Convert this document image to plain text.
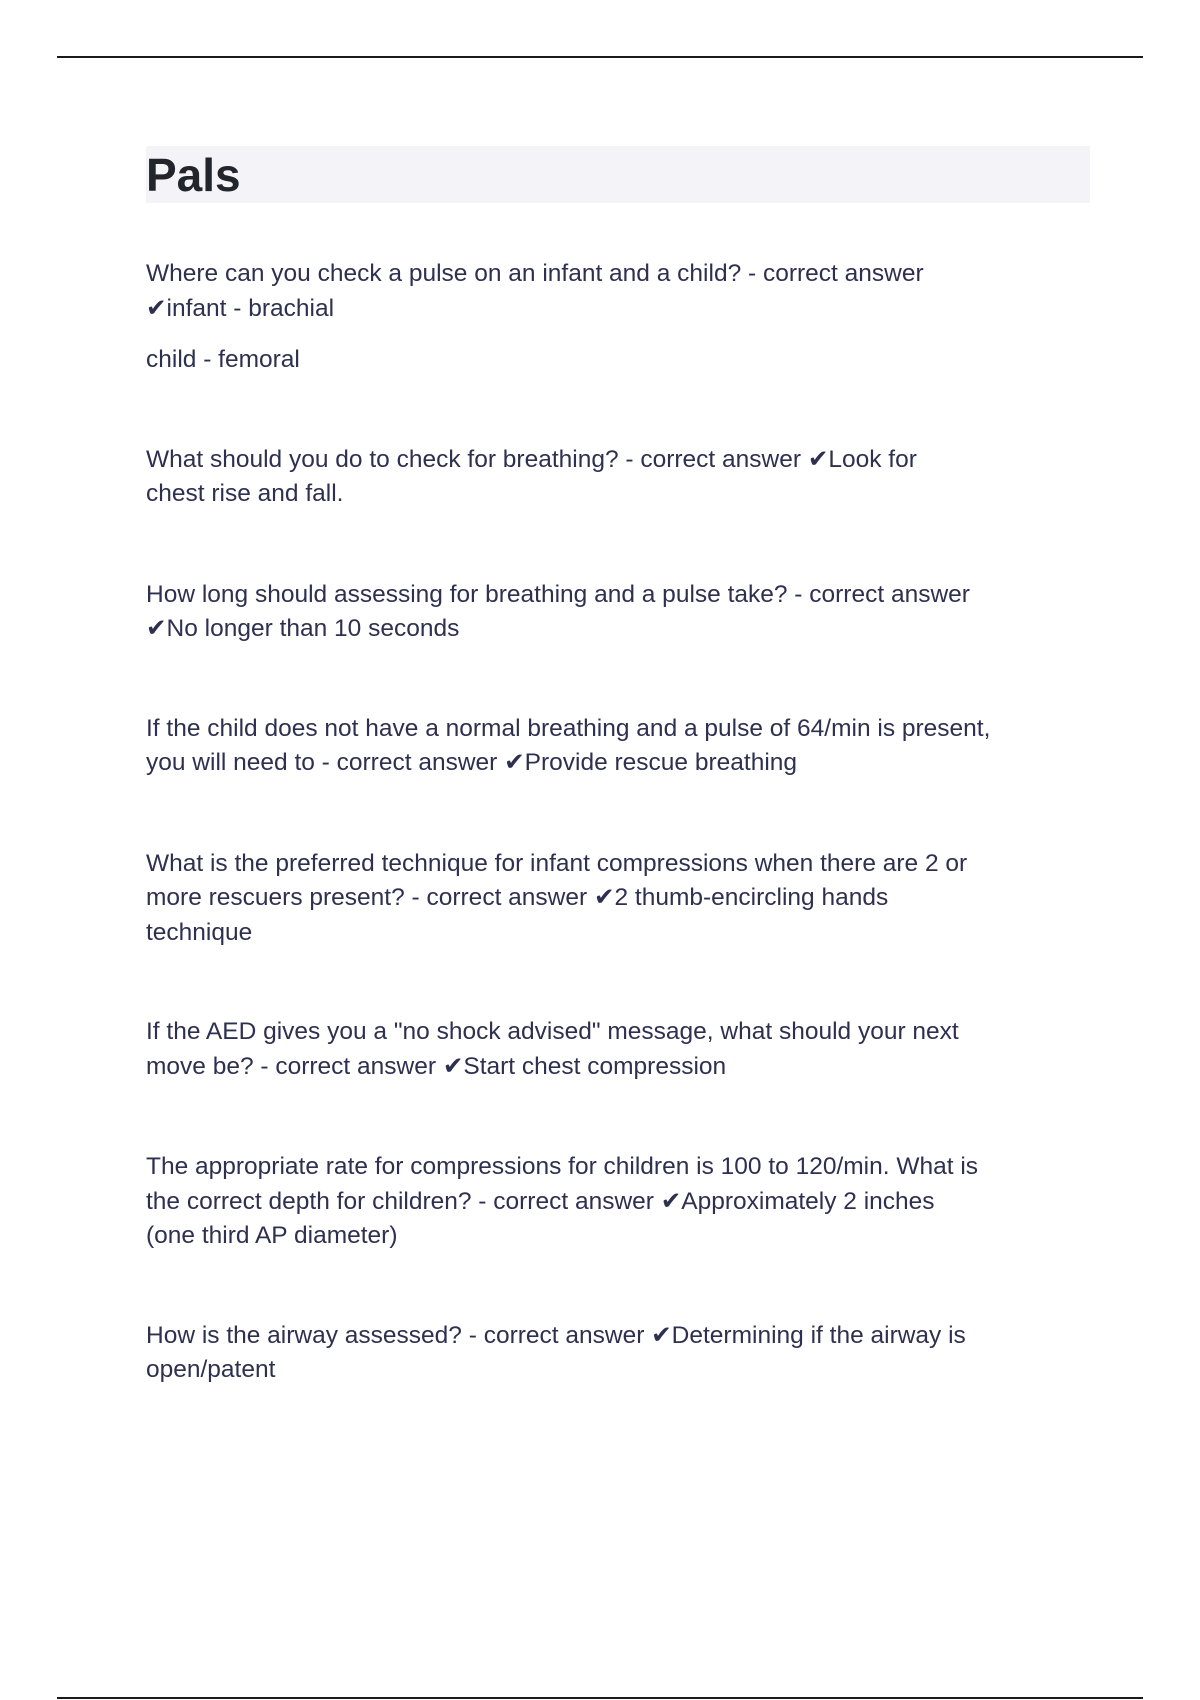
Pals

Where can you check a pulse on an infant and a child? - correct answer
✔infant - brachial

child - femoral

What should you do to check for breathing? - correct answer ✔Look for
chest rise and fall.

How long should assessing for breathing and a pulse take? - correct answer
✔No longer than 10 seconds

If the child does not have a normal breathing and a pulse of 64/min is present,
you will need to - correct answer ✔Provide rescue breathing

What is the preferred technique for infant compressions when there are 2 or
more rescuers present? - correct answer ✔2 thumb-encircling hands
technique

If the AED gives you a "no shock advised" message, what should your next
move be? - correct answer ✔Start chest compression

The appropriate rate for compressions for children is 100 to 120/min. What is
the correct depth for children? - correct answer ✔Approximately 2 inches
(one third AP diameter)

How is the airway assessed? - correct answer ✔Determining if the airway is
open/patent
